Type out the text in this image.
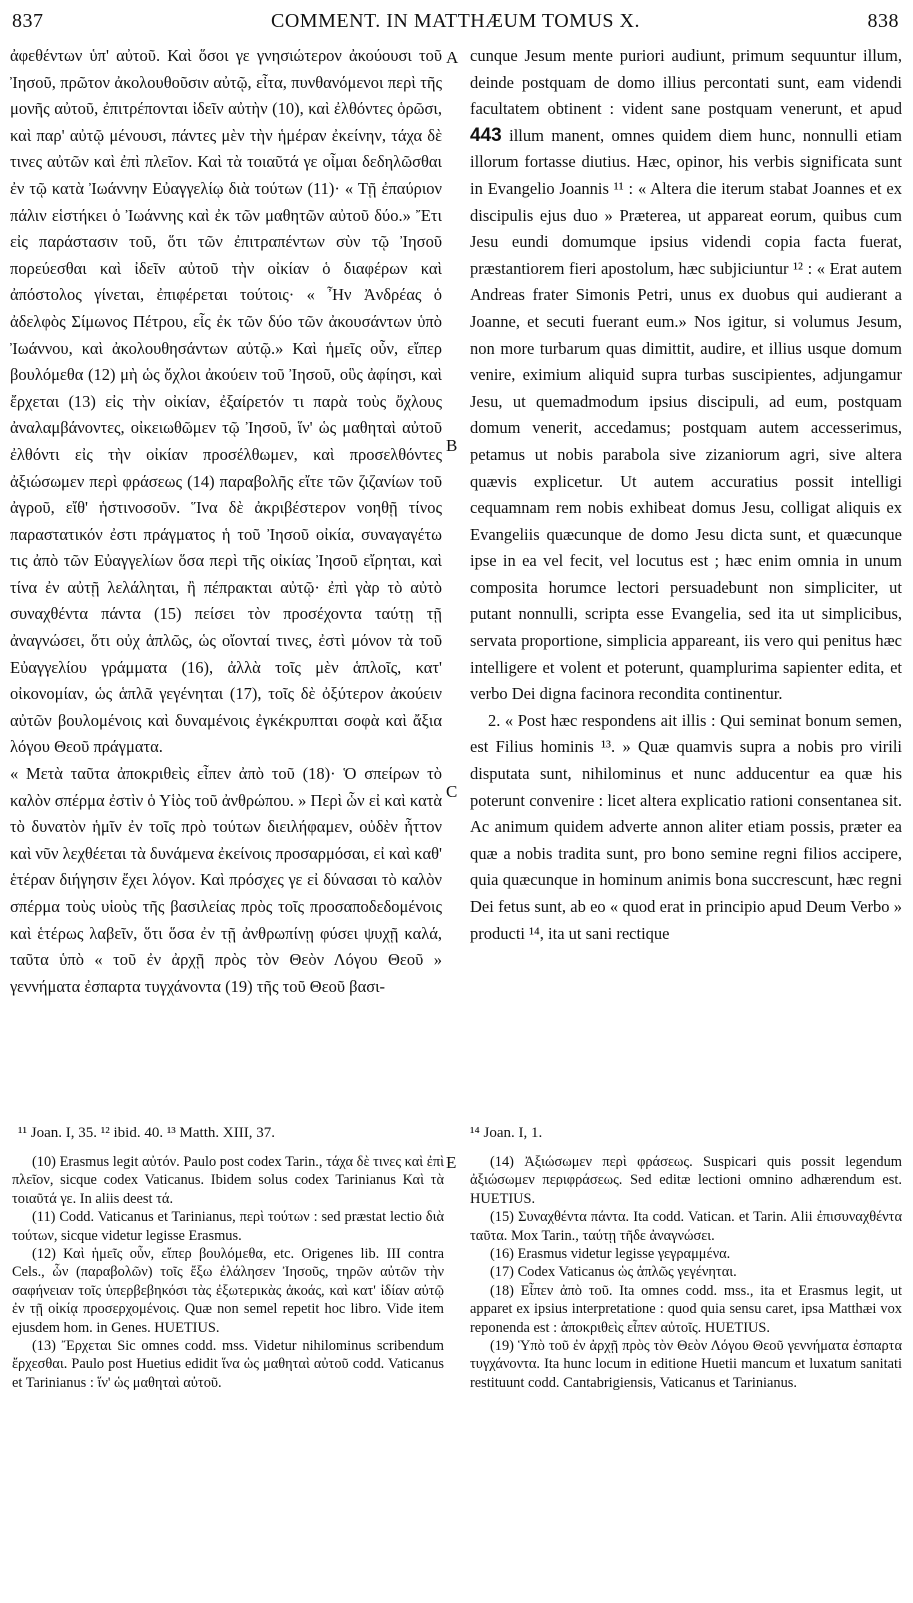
837	COMMENT. IN MATTHÆUM TOMUS X.	838

ἀφεθέντων ὑπ' αὐτοῦ. Καὶ ὅσοι γε γνησιώτερον ἀκούουσι τοῦ Ἰησοῦ, πρῶτον ἀκολουθοῦσιν αὐτῷ, εἶτα, πυνθανόμενοι περὶ τῆς μονῆς αὐτοῦ, ἐπιτρέπονται ἰδεῖν αὐτὴν (10), καὶ ἐλθόντες ὁρῶσι, καὶ παρ' αὐτῷ μένουσι, πάντες μὲν τὴν ἡμέραν ἐκείνην, τάχα δὲ τινες αὐτῶν καὶ ἐπὶ πλεῖον. Καὶ τὰ τοιαῦτά γε οἶμαι δεδηλῶσθαι ἐν τῷ κατὰ Ἰωάννην Εὐαγγελίῳ διὰ τούτων (11)· « Τῇ ἐπαύριον πάλιν εἱστήκει ὁ Ἰωάννης καὶ ἐκ τῶν μαθητῶν αὐτοῦ δύο.» Ἔτι εἰς παράστασιν τοῦ, ὅτι τῶν ἐπιτραπέντων σὺν τῷ Ἰησοῦ πορεύεσθαι καὶ ἰδεῖν αὐτοῦ τὴν οἰκίαν ὁ διαφέρων καὶ ἀπόστολος γίνεται, ἐπιφέρεται τούτοις· « Ἦν Ἀνδρέας ὁ ἀδελφὸς Σίμωνος Πέτρου, εἷς ἐκ τῶν δύο τῶν ἀκουσάντων ὑπὸ Ἰωάννου, καὶ ἀκολουθησάντων αὐτῷ.» Καὶ ἡμεῖς οὖν, εἴπερ βουλόμεθα (12) μὴ ὡς ὄχλοι ἀκούειν τοῦ Ἰησοῦ, οὓς ἀφίησι, καὶ ἔρχεται (13) εἰς τὴν οἰκίαν, ἐξαίρετόν τι παρὰ τοὺς ὄχλους ἀναλαμβάνοντες, οἰκειωθῶμεν τῷ Ἰησοῦ, ἵν' ὡς μαθηταὶ αὐτοῦ ἐλθόντι εἰς τὴν οἰκίαν προσέλθωμεν, καὶ προσελθόντες ἀξιώσωμεν περὶ φράσεως (14) παραβολῆς εἴτε τῶν ζιζανίων τοῦ ἀγροῦ, εἴθ' ἡστινοσοῦν. Ἵνα δὲ ἀκριβέστερον νοηθῇ τίνος παραστατικόν ἐστι πράγματος ἡ τοῦ Ἰησοῦ οἰκία, συναγαγέτω τις ἀπὸ τῶν Εὐαγγελίων ὅσα περὶ τῆς οἰκίας Ἰησοῦ εἴρηται, καὶ τίνα ἐν αὐτῇ λελάληται, ἢ πέπρακται αὐτῷ· ἐπὶ γὰρ τὸ αὐτὸ συναχθέντα πάντα (15) πείσει τὸν προσέχοντα ταύτῃ τῇ ἀναγνώσει, ὅτι οὐχ ἁπλῶς, ὡς οἴονταί τινες, ἐστὶ μόνον τὰ τοῦ Εὐαγγελίου γράμματα (16), ἀλλὰ τοῖς μὲν ἁπλοῖς, κατ' οἰκονομίαν, ὡς ἁπλᾶ γεγένηται (17), τοῖς δὲ ὀξύτερον ἀκούειν αὐτῶν βουλομένοις καὶ δυναμένοις ἐγκέκρυπται σοφὰ καὶ ἄξια λόγου Θεοῦ πράγματα.

« Μετὰ ταῦτα ἀποκριθεὶς εἶπεν ἀπὸ τοῦ (18)· Ὁ σπείρων τὸ καλὸν σπέρμα ἐστὶν ὁ Υἱὸς τοῦ ἀνθρώπου. » Περὶ ὧν εἰ καὶ κατὰ τὸ δυνατὸν ἡμῖν ἐν τοῖς πρὸ τούτων διειλήφαμεν, οὐδὲν ἧττον καὶ νῦν λεχθέεται τὰ δυνάμενα ἐκείνοις προσαρμόσαι, εἰ καὶ καθ' ἑτέραν διήγησιν ἔχει λόγον. Καὶ πρόσχες γε εἰ δύνασαι τὸ καλὸν σπέρμα τοὺς υἱοὺς τῆς βασιλείας πρὸς τοῖς προσαποδεδομένοις καὶ ἑτέρως λαβεῖν, ὅτι ὅσα ἐν τῇ ἀνθρωπίνῃ φύσει ψυχῇ καλά, ταῦτα ὑπὸ « τοῦ ἐν ἀρχῇ πρὸς τὸν Θεὸν Λόγου Θεοῦ » γεννήματα ἐσπαρτα τυγχάνοντα (19) τῆς τοῦ Θεοῦ βασι-

A
B
C

cunque Jesum mente puriori audiunt, primum sequuntur illum, deinde postquam de domo illius percontati sunt, eam videndi facultatem obtinent : vident sane postquam venerunt, et apud 443 illum manent, omnes quidem diem hunc, nonnulli etiam illorum fortasse diutius. Hæc, opinor, his verbis significata sunt in Evangelio Joannis ¹¹ : « Altera die iterum stabat Joannes et ex discipulis ejus duo » Præterea, ut appareat eorum, quibus cum Jesu eundi domumque ipsius videndi copia facta fuerat, præstantiorem fieri apostolum, hæc subjiciuntur ¹² : « Erat autem Andreas frater Simonis Petri, unus ex duobus qui audierant a Joanne, et secuti fuerant eum.» Nos igitur, si volumus Jesum, non more turbarum quas dimittit, audire, et illius usque domum venire, eximium aliquid supra turbas suscipientes, adjungamur Jesu, ut quemadmodum ipsius discipuli, ad eum, postquam domum venerit, accedamus; postquam autem accesserimus, petamus ut nobis parabola sive zizaniorum agri, sive altera quævis explicetur. Ut autem accuratius possit intelligi cequamnam rem nobis exhibeat domus Jesu, colligat aliquis ex Evangeliis quæcunque de domo Jesu dicta sunt, et quæcunque ipse in ea vel fecit, vel locutus est ; hæc enim omnia in unum composita horumce lectori persuadebunt non simpliciter, ut putant nonnulli, scripta esse Evangelia, sed ita ut simplicibus, servata proportione, simplicia appareant, iis vero qui penitus hæc intelligere et volent et poterunt, quamplurima sapienter edita, et verbo Dei digna facinora recondita continentur.

2. « Post hæc respondens ait illis : Qui seminat bonum semen, est Filius hominis ¹³. » Quæ quamvis supra a nobis pro virili disputata sunt, nihilominus et nunc adducentur ea quæ his poterunt convenire : licet altera explicatio rationi consentanea sit. Ac animum quidem adverte annon aliter etiam possis, præter ea quæ a nobis tradita sunt, pro bono semine regni filios accipere, quia quæcunque in hominum animis bona succrescunt, hæc regni Dei fetus sunt, ab eo « quod erat in principio apud Deum Verbo » producti ¹⁴, ita ut sani rectique

¹¹ Joan. I, 35. ¹² ibid. 40. ¹³ Matth. XIII, 37.	¹⁴ Joan. I, 1.
E

(10) Erasmus legit αὐτόν. Paulo post codex Tarin., τάχα δὲ τινες καὶ ἐπὶ πλεῖον, sicque codex Vaticanus. Ibidem solus codex Tarinianus Καὶ τὰ τοιαῦτά γε. In aliis deest τά.

(11) Codd. Vaticanus et Tarinianus, περὶ τούτων : sed præstat lectio διὰ τούτων, sicque videtur legisse Erasmus.

(12) Καὶ ἡμεῖς οὖν, εἴπερ βουλόμεθα, etc. Origenes lib. III contra Cels., ὧν (παραβολῶν) τοῖς ἔξω ἐλάλησεν Ἰησοῦς, τηρῶν αὐτῶν τὴν σαφήνειαν τοῖς ὑπερβεβηκόσι τὰς ἐξωτερικὰς ἀκοάς, καὶ κατ' ἰδίαν αὐτῷ ἐν τῇ οἰκίᾳ προσερχομένοις. Quæ non semel repetit hoc libro. Vide item ejusdem hom. in Genes. HUETIUS.

(13) Ἔρχεται Sic omnes codd. mss. Videtur nihilominus scribendum ἔρχεσθαι. Paulo post Huetius edidit ἵνα ὡς μαθηταὶ αὐτοῦ codd. Vaticanus et Tarinianus : ἵν' ὡς μαθηταὶ αὐτοῦ.

(14) Ἀξιώσωμεν περὶ φράσεως. Suspicari quis possit legendum ἀξιώσωμεν περιφράσεως. Sed editæ lectioni omnino adhærendum est. HUETIUS.

(15) Συναχθέντα πάντα. Ita codd. Vatican. et Tarin. Alii ἐπισυναχθέντα ταῦτα. Mox Tarin., ταύτῃ τῆδε ἀναγνώσει.

(16) Erasmus videtur legisse γεγραμμένα.

(17) Codex Vaticanus ὡς ἁπλῶς γεγένηται.

(18) Εἶπεν ἀπὸ τοῦ. Ita omnes codd. mss., ita et Erasmus legit, ut apparet ex ipsius interpretatione : quod quia sensu caret, ipsa Matthæi vox reponenda est : ἀποκριθεὶς εἶπεν αὐτοῖς. HUETIUS.

(19) Ὑπὸ τοῦ ἐν ἀρχῇ πρὸς τὸν Θεὸν Λόγου Θεοῦ γεννήματα ἐσπαρτα τυγχάνοντα. Ita hunc locum in editione Huetii mancum et luxatum sanitati restituunt codd. Cantabrigiensis, Vaticanus et Tarinianus.
